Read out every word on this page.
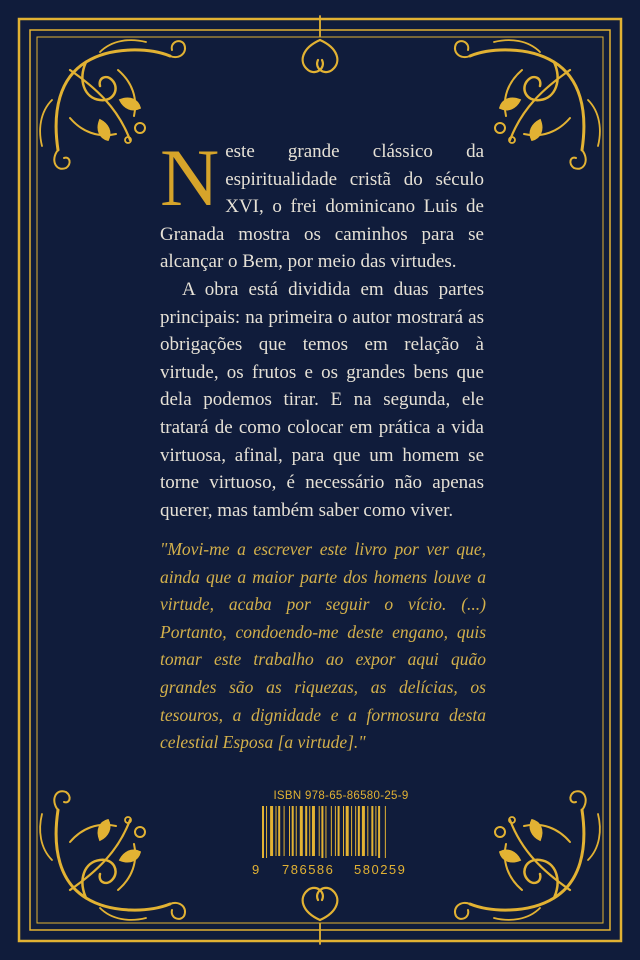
Neste grande clássico da espiritualidade cristã do século XVI, o frei dominicano Luis de Granada mostra os caminhos para se alcançar o Bem, por meio das virtudes.

A obra está dividida em duas partes principais: na primeira o autor mostrará as obrigações que temos em relação à virtude, os frutos e os grandes bens que dela podemos tirar. E na segunda, ele tratará de como colocar em prática a vida virtuosa, afinal, para que um homem se torne virtuoso, é necessário não apenas querer, mas também saber como viver.

"Movi-me a escrever este livro por ver que, ainda que a maior parte dos homens louve a virtude, acaba por seguir o vício. (...) Portanto, condoendo-me deste engano, quis tomar este trabalho ao expor aqui quão grandes são as riquezas, as delícias, os tesouros, a dignidade e a formosura desta celestial Esposa [a virtude]."

ISBN 978-65-86580-25-9
9 786586 580259
